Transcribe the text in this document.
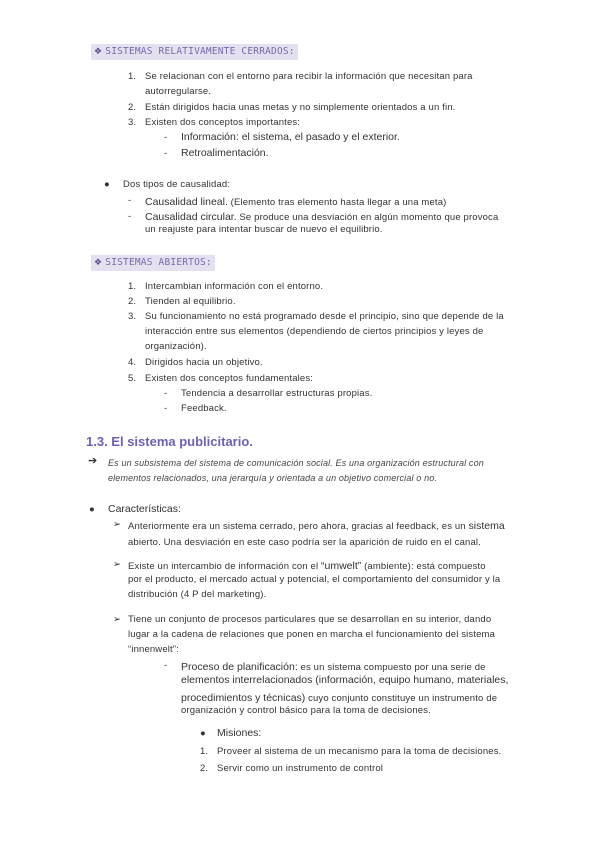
❖ SISTEMAS RELATIVAMENTE CERRADOS:
1. Se relacionan con el entorno para recibir la información que necesitan para
autorregularse.
2. Están dirigidos hacia unas metas y no simplemente orientados a un fin.
3. Existen dos conceptos importantes:
- Información: el sistema, el pasado y el exterior.
- Retroalimentación.
● Dos tipos de causalidad:
- Causalidad lineal. (Elemento tras elemento hasta llegar a una meta)
- Causalidad circular. Se produce una desviación en algún momento que provoca
un reajuste para intentar buscar de nuevo el equilibrio.
❖ SISTEMAS ABIERTOS:
1. Intercambian información con el entorno.
2. Tienden al equilibrio.
3. Su funcionamiento no está programado desde el principio, sino que depende de la
interacción entre sus elementos (dependiendo de ciertos principios y leyes de
organización).
4. Dirigidos hacia un objetivo.
5. Existen dos conceptos fundamentales:
- Tendencia a desarrollar estructuras propias.
- Feedback.
1.3. El sistema publicitario.
➔ Es un subsistema del sistema de comunicación social. Es una organización estructural con
elementos relacionados, una jerarquía y orientada a un objetivo comercial o no.
● Características:
➢ Anteriormente era un sistema cerrado, pero ahora, gracias al feedback, es un sistema
abierto. Una desviación en este caso podría ser la aparición de ruido en el canal.
➢ Existe un intercambio de información con el “umwelt” (ambiente): está compuesto
por el producto, el mercado actual y potencial, el comportamiento del consumidor y la
distribución (4 P del marketing).
➢ Tiene un conjunto de procesos particulares que se desarrollan en su interior, dando
lugar a la cadena de relaciones que ponen en marcha el funcionamiento del sistema
“innenwelt”:
- Proceso de planificación: es un sistema compuesto por una serie de
elementos interrelacionados (información, equipo humano, materiales,
procedimientos y técnicas) cuyo conjunto constituye un instrumento de
organización y control básico para la toma de decisiones.
● Misiones:
1. Proveer al sistema de un mecanismo para la toma de decisiones.
2. Servir como un instrumento de control
